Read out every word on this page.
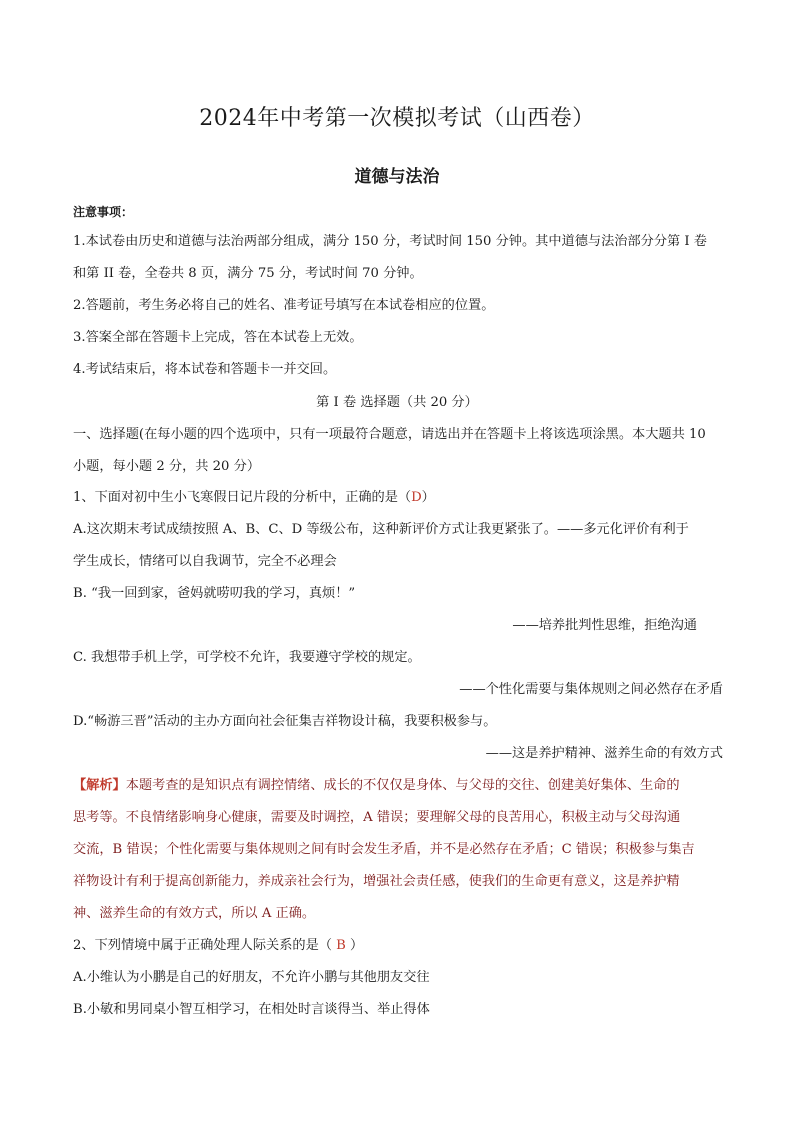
2024年中考第一次模拟考试（山西卷）
道德与法治
注意事项：
1.本试卷由历史和道德与法治两部分组成，满分 150 分，考试时间 150 分钟。其中道德与法治部分分第 I 卷
和第 II 卷，全卷共 8 页，满分 75 分，考试时间 70 分钟。
2.答题前，考生务必将自己的姓名、准考证号填写在本试卷相应的位置。
3.答案全部在答题卡上完成，答在本试卷上无效。
4.考试结束后，将本试卷和答题卡一并交回。
第 I 卷 选择题（共 20 分）
一、选择题(在每小题的四个选项中，只有一项最符合题意，请选出并在答题卡上将该选项涂黑。本大题共 10
小题，每小题 2 分，共 20 分）
1、下面对初中生小飞寒假日记片段的分析中，正确的是（D）
A.这次期末考试成绩按照 A、B、C、D 等级公布，这种新评价方式让我更紧张了。——多元化评价有利于
学生成长，情绪可以自我调节，完全不必理会
B. “我一回到家，爸妈就唠叨我的学习，真烦！”
——培养批判性思维，拒绝沟通
C. 我想带手机上学，可学校不允许，我要遵守学校的规定。
——个性化需要与集体规则之间必然存在矛盾
D.“畅游三晋”活动的主办方面向社会征集吉祥物设计稿，我要积极参与。
——这是养护精神、滋养生命的有效方式
【解析】本题考查的是知识点有调控情绪、成长的不仅仅是身体、与父母的交往、创建美好集体、生命的
思考等。不良情绪影响身心健康，需要及时调控，A 错误；要理解父母的良苦用心，积极主动与父母沟通
交流，B 错误；个性化需要与集体规则之间有时会发生矛盾，并不是必然存在矛盾；C 错误；积极参与集吉
祥物设计有利于提高创新能力，养成亲社会行为，增强社会责任感，使我们的生命更有意义，这是养护精
神、滋养生命的有效方式，所以 A 正确。
2、下列情境中属于正确处理人际关系的是（ B ）
A.小维认为小鹏是自己的好朋友，不允许小鹏与其他朋友交往
B.小敏和男同桌小智互相学习，在相处时言谈得当、举止得体
